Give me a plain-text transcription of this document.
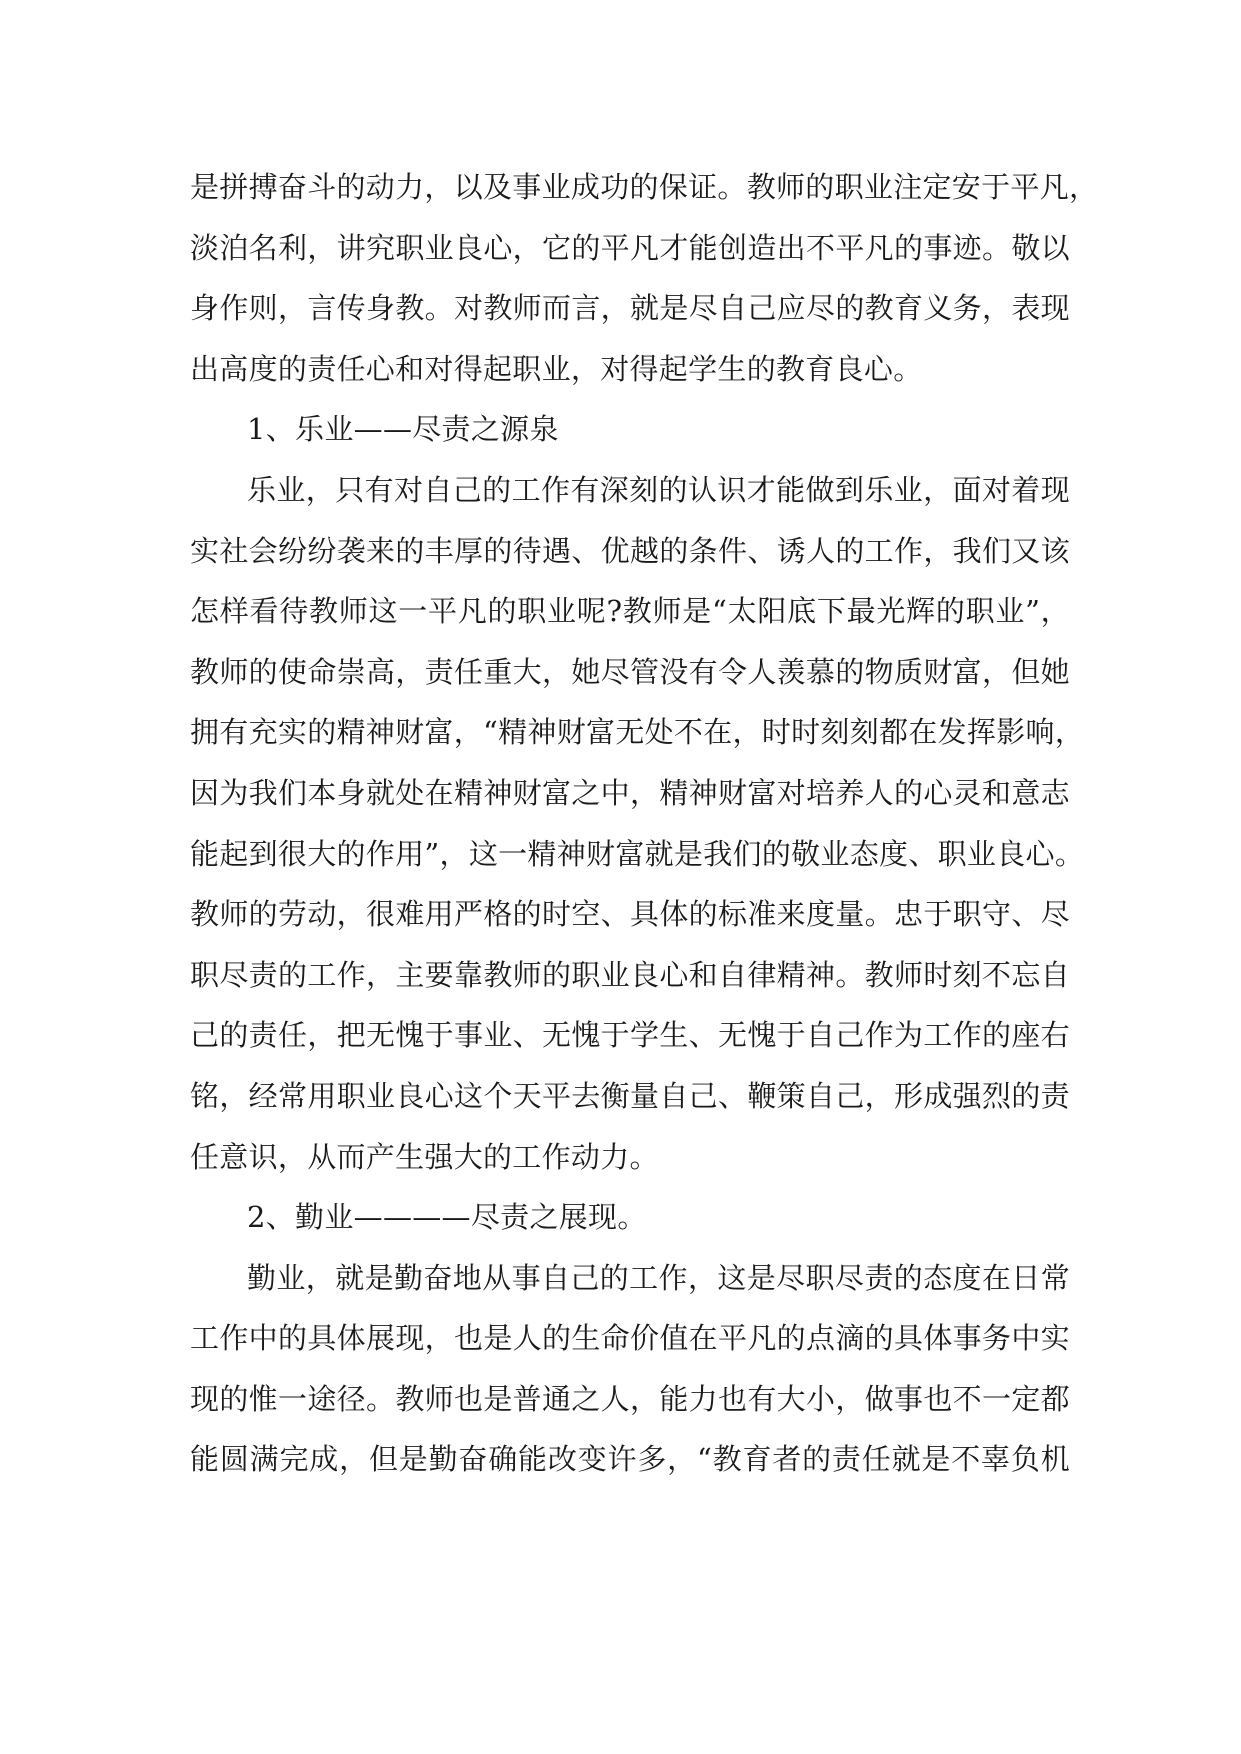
是拼搏奋斗的动力，以及事业成功的保证。教师的职业注定安于平凡，
淡泊名利，讲究职业良心，它的平凡才能创造出不平凡的事迹。敬以
身作则，言传身教。对教师而言，就是尽自己应尽的教育义务，表现
出高度的责任心和对得起职业，对得起学生的教育良心。
1、乐业——尽责之源泉
乐业，只有对自己的工作有深刻的认识才能做到乐业，面对着现
实社会纷纷袭来的丰厚的待遇、优越的条件、诱人的工作，我们又该
怎样看待教师这一平凡的职业呢?教师是“太阳底下最光辉的职业”，
教师的使命崇高，责任重大，她尽管没有令人羡慕的物质财富，但她
拥有充实的精神财富，“精神财富无处不在，时时刻刻都在发挥影响，
因为我们本身就处在精神财富之中，精神财富对培养人的心灵和意志
能起到很大的作用”，这一精神财富就是我们的敬业态度、职业良心。
教师的劳动，很难用严格的时空、具体的标准来度量。忠于职守、尽
职尽责的工作，主要靠教师的职业良心和自律精神。教师时刻不忘自
己的责任，把无愧于事业、无愧于学生、无愧于自己作为工作的座右
铭，经常用职业良心这个天平去衡量自己、鞭策自己，形成强烈的责
任意识，从而产生强大的工作动力。
2、勤业————尽责之展现。
勤业，就是勤奋地从事自己的工作，这是尽职尽责的态度在日常
工作中的具体展现，也是人的生命价值在平凡的点滴的具体事务中实
现的惟一途径。教师也是普通之人，能力也有大小，做事也不一定都
能圆满完成，但是勤奋确能改变许多，“教育者的责任就是不辜负机
